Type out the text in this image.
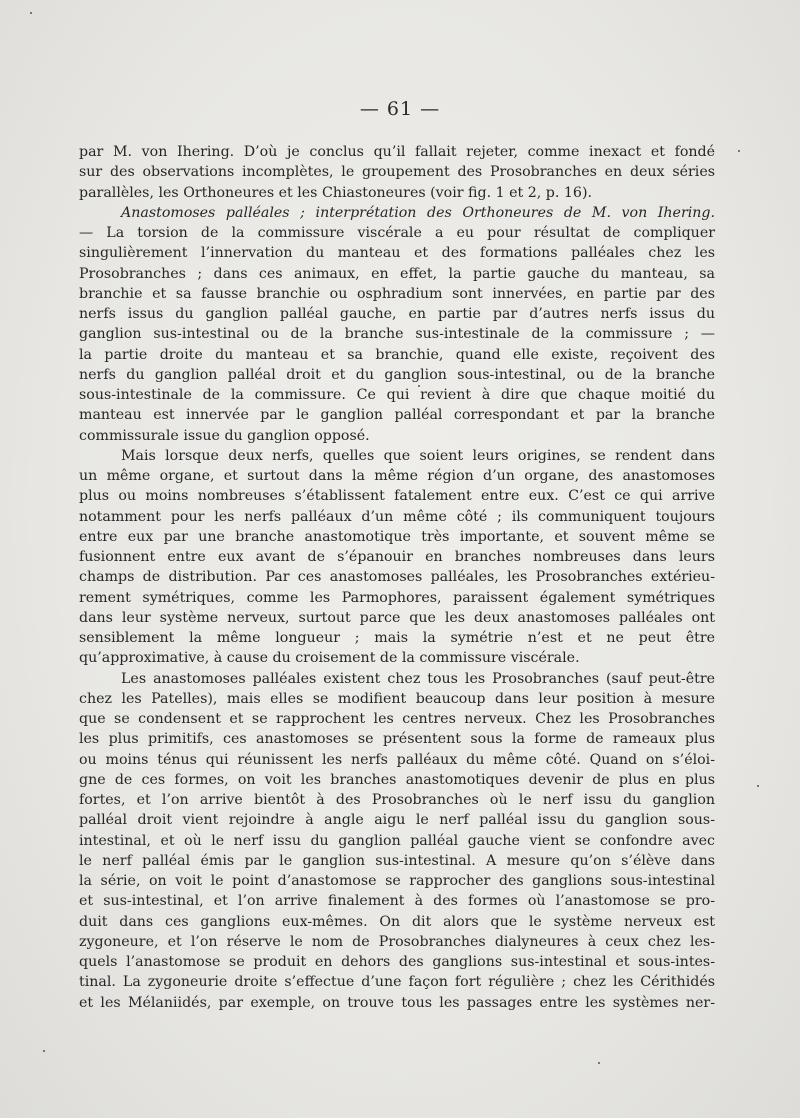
— 61 —
par M. von Ihering. D’où je conclus qu’il fallait rejeter, comme inexact et fondé
sur des observations incomplètes, le groupement des Prosobranches en deux séries
parallèles, les Orthoneures et les Chiastoneures (voir fig. 1 et 2, p. 16).
Anastomoses palléales ; interprétation des Orthoneures de M. von Ihering.
— La torsion de la commissure viscérale a eu pour résultat de compliquer
singulièrement l’innervation du manteau et des formations palléales chez les
Prosobranches ; dans ces animaux, en effet, la partie gauche du manteau, sa
branchie et sa fausse branchie ou osphradium sont innervées, en partie par des
nerfs issus du ganglion palléal gauche, en partie par d’autres nerfs issus du
ganglion sus-intestinal ou de la branche sus-intestinale de la commissure ; —
la partie droite du manteau et sa branchie, quand elle existe, reçoivent des
nerfs du ganglion palléal droit et du ganglion sous-intestinal, ou de la branche
sous-intestinale de la commissure. Ce qui revient à dire que chaque moitié du
manteau est innervée par le ganglion palléal correspondant et par la branche
commissurale issue du ganglion opposé.
Mais lorsque deux nerfs, quelles que soient leurs origines, se rendent dans
un même organe, et surtout dans la même région d’un organe, des anastomoses
plus ou moins nombreuses s’établissent fatalement entre eux. C’est ce qui arrive
notamment pour les nerfs palléaux d’un même côté ; ils communiquent toujours
entre eux par une branche anastomotique très importante, et souvent même se
fusionnent entre eux avant de s’épanouir en branches nombreuses dans leurs
champs de distribution. Par ces anastomoses palléales, les Prosobranches extérieu-
rement symétriques, comme les Parmophores, paraissent également symétriques
dans leur système nerveux, surtout parce que les deux anastomoses palléales ont
sensiblement la même longueur ; mais la symétrie n’est et ne peut être
qu’approximative, à cause du croisement de la commissure viscérale.
Les anastomoses palléales existent chez tous les Prosobranches (sauf peut-être
chez les Patelles), mais elles se modifient beaucoup dans leur position à mesure
que se condensent et se rapprochent les centres nerveux. Chez les Prosobranches
les plus primitifs, ces anastomoses se présentent sous la forme de rameaux plus
ou moins ténus qui réunissent les nerfs palléaux du même côté. Quand on s’éloi-
gne de ces formes, on voit les branches anastomotiques devenir de plus en plus
fortes, et l’on arrive bientôt à des Prosobranches où le nerf issu du ganglion
palléal droit vient rejoindre à angle aigu le nerf palléal issu du ganglion sous-
intestinal, et où le nerf issu du ganglion palléal gauche vient se confondre avec
le nerf palléal émis par le ganglion sus-intestinal. A mesure qu’on s’élève dans
la série, on voit le point d’anastomose se rapprocher des ganglions sous-intestinal
et sus-intestinal, et l’on arrive finalement à des formes où l’anastomose se pro-
duit dans ces ganglions eux-mêmes. On dit alors que le système nerveux est
zygoneure, et l’on réserve le nom de Prosobranches dialyneures à ceux chez les-
quels l’anastomose se produit en dehors des ganglions sus-intestinal et sous-intes-
tinal. La zygoneurie droite s’effectue d’une façon fort régulière ; chez les Cérithidés
et les Mélaniidés, par exemple, on trouve tous les passages entre les systèmes ner-
